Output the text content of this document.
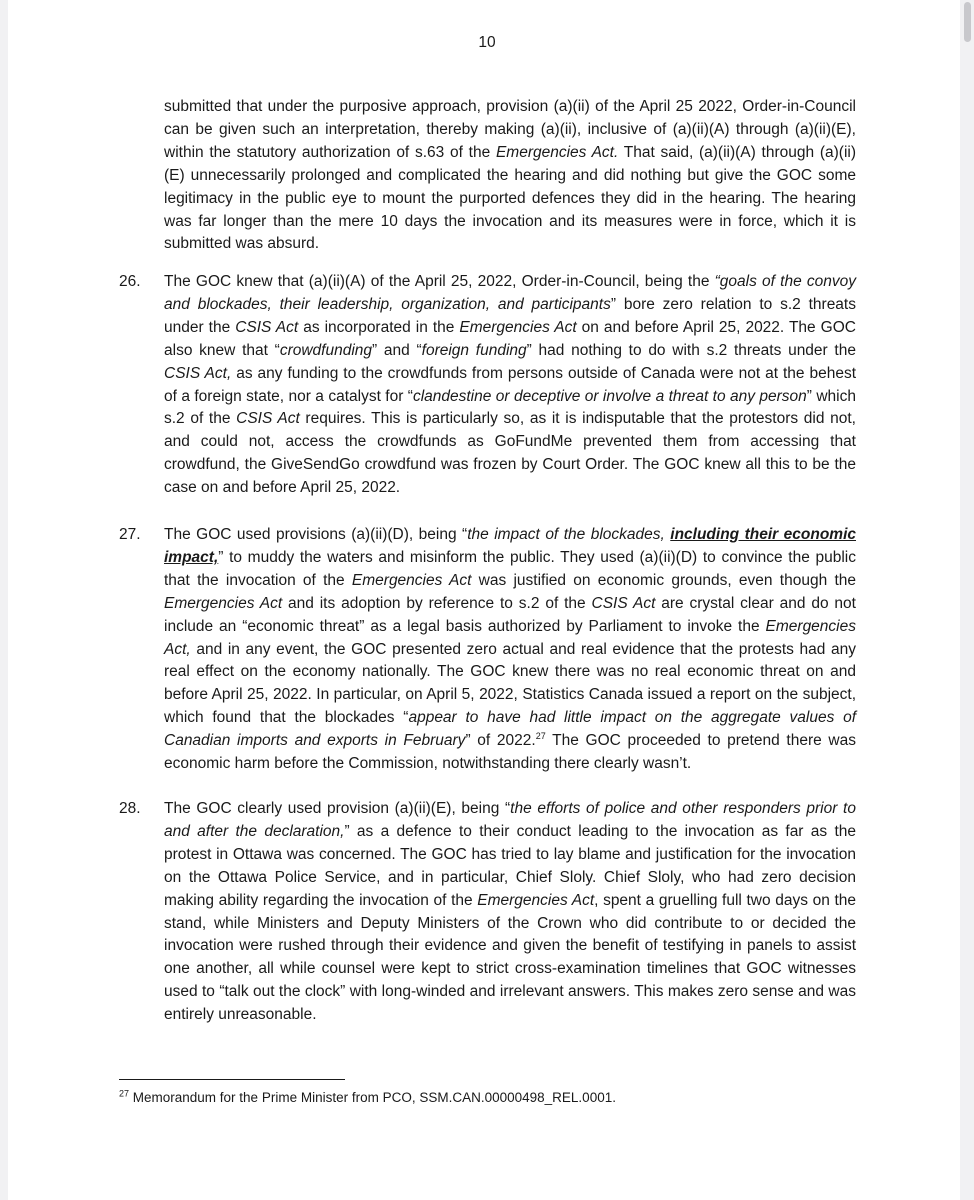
10

submitted that under the purposive approach, provision (a)(ii) of the April 25 2022, Order-in-Council can be given such an interpretation, thereby making (a)(ii), inclusive of (a)(ii)(A) through (a)(ii)(E), within the statutory authorization of s.63 of the Emergencies Act. That said, (a)(ii)(A) through (a)(ii)(E) unnecessarily prolonged and complicated the hearing and did nothing but give the GOC some legitimacy in the public eye to mount the purported defences they did in the hearing. The hearing was far longer than the mere 10 days the invocation and its measures were in force, which it is submitted was absurd.

26. The GOC knew that (a)(ii)(A) of the April 25, 2022, Order-in-Council, being the “goals of the convoy and blockades, their leadership, organization, and participants” bore zero relation to s.2 threats under the CSIS Act as incorporated in the Emergencies Act on and before April 25, 2022. The GOC also knew that “crowdfunding” and “foreign funding” had nothing to do with s.2 threats under the CSIS Act, as any funding to the crowdfunds from persons outside of Canada were not at the behest of a foreign state, nor a catalyst for “clandestine or deceptive or involve a threat to any person” which s.2 of the CSIS Act requires. This is particularly so, as it is indisputable that the protestors did not, and could not, access the crowdfunds as GoFundMe prevented them from accessing that crowdfund, the GiveSendGo crowdfund was frozen by Court Order. The GOC knew all this to be the case on and before April 25, 2022.

27. The GOC used provisions (a)(ii)(D), being “the impact of the blockades, including their economic impact,” to muddy the waters and misinform the public. They used (a)(ii)(D) to convince the public that the invocation of the Emergencies Act was justified on economic grounds, even though the Emergencies Act and its adoption by reference to s.2 of the CSIS Act are crystal clear and do not include an “economic threat” as a legal basis authorized by Parliament to invoke the Emergencies Act, and in any event, the GOC presented zero actual and real evidence that the protests had any real effect on the economy nationally. The GOC knew there was no real economic threat on and before April 25, 2022. In particular, on April 5, 2022, Statistics Canada issued a report on the subject, which found that the blockades “appear to have had little impact on the aggregate values of Canadian imports and exports in February” of 2022.27 The GOC proceeded to pretend there was economic harm before the Commission, notwithstanding there clearly wasn’t.

28. The GOC clearly used provision (a)(ii)(E), being “the efforts of police and other responders prior to and after the declaration,” as a defence to their conduct leading to the invocation as far as the protest in Ottawa was concerned. The GOC has tried to lay blame and justification for the invocation on the Ottawa Police Service, and in particular, Chief Sloly. Chief Sloly, who had zero decision making ability regarding the invocation of the Emergencies Act, spent a gruelling full two days on the stand, while Ministers and Deputy Ministers of the Crown who did contribute to or decided the invocation were rushed through their evidence and given the benefit of testifying in panels to assist one another, all while counsel were kept to strict cross-examination timelines that GOC witnesses used to “talk out the clock” with long-winded and irrelevant answers. This makes zero sense and was entirely unreasonable.

$^{27}$ Memorandum for the Prime Minister from PCO, SSM.CAN.00000498_REL.0001.
